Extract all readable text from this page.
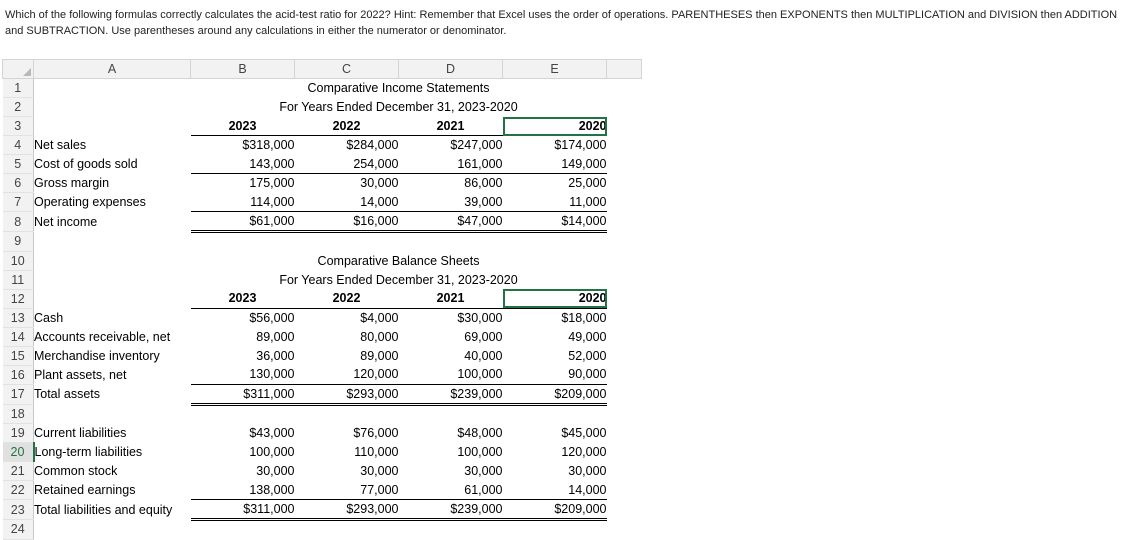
Which of the following formulas correctly calculates the acid-test ratio for 2022? Hint: Remember that Excel uses the order of operations. PARENTHESES then EXPONENTS then MULTIPLICATION and DIVISION then ADDITION and SUBTRACTION. Use parentheses around any calculations in either the numerator or denominator.
	A	B	C	D	E	
1		Comparative Income Statements				
2		For Years Ended December 31, 2023-2020				
3		2023	2022	2021	2020	
4	Net sales	$318,000	$284,000	$247,000	$174,000	
5	Cost of goods sold	143,000	254,000	161,000	149,000	
6	Gross margin	175,000	30,000	86,000	25,000	
7	Operating expenses	114,000	14,000	39,000	11,000	
8	Net income	$61,000	$16,000	$47,000	$14,000	
9						
10		Comparative Balance Sheets				
11		For Years Ended December 31, 2023-2020				
12		2023	2022	2021	2020	
13	Cash	$56,000	$4,000	$30,000	$18,000	
14	Accounts receivable, net	89,000	80,000	69,000	49,000	
15	Merchandise inventory	36,000	89,000	40,000	52,000	
16	Plant assets, net	130,000	120,000	100,000	90,000	
17	Total assets	$311,000	$293,000	$239,000	$209,000	
18						
19	Current liabilities	$43,000	$76,000	$48,000	$45,000	
20	Long-term liabilities	100,000	110,000	100,000	120,000	
21	Common stock	30,000	30,000	30,000	30,000	
22	Retained earnings	138,000	77,000	61,000	14,000	
23	Total liabilities and equity	$311,000	$293,000	$239,000	$209,000	
24						
